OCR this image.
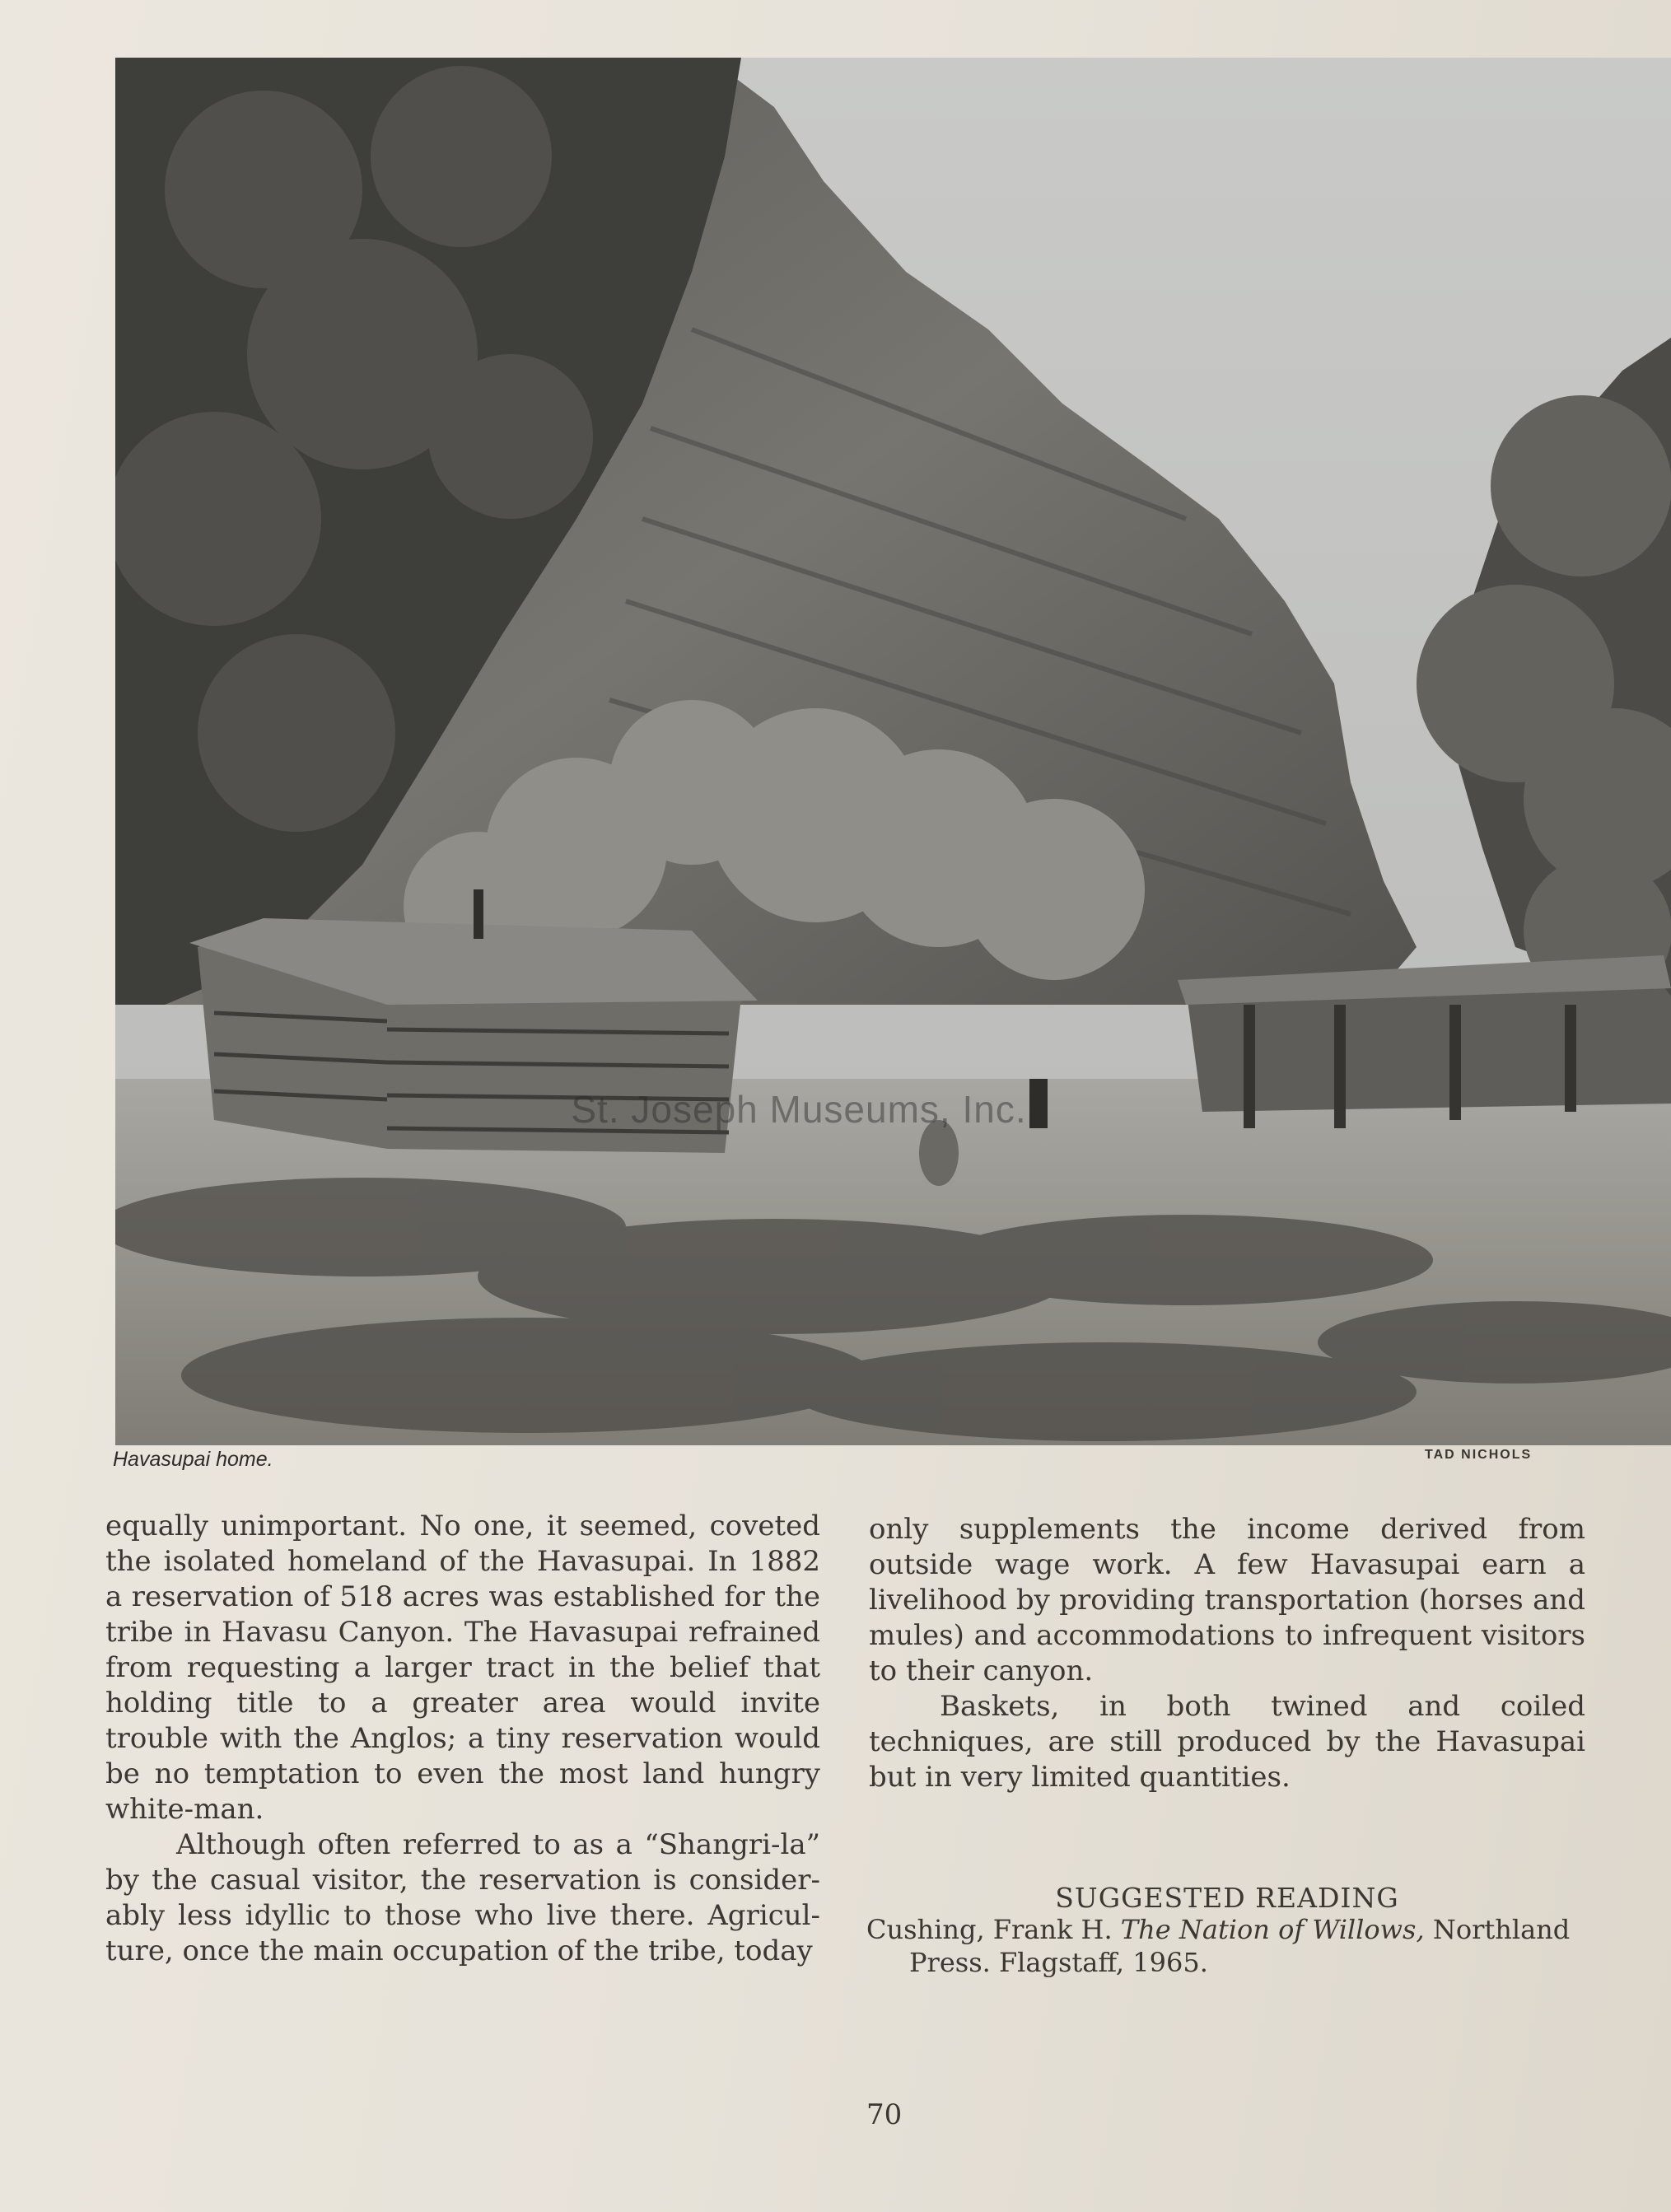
St. Joseph Museums, Inc.
Havasupai home.	TAD NICHOLS

equally unimportant. No one, it seemed, coveted the isolated homeland of the Havasupai. In 1882 a reservation of 518 acres was established for the tribe in Havasu Canyon. The Havasupai refrained from requesting a larger tract in the belief that holding title to a greater area would invite trouble with the Anglos; a tiny reservation would be no temptation to even the most land hungry white-man.

Although often referred to as a “Shangri-la” by the casual visitor, the reservation is consider-ably less idyllic to those who live there. Agricul-ture, once the main occupation of the tribe, today

only supplements the income derived from outside wage work. A few Havasupai earn a livelihood by providing transportation (horses and mules) and accommodations to infrequent visitors to their canyon.

Baskets, in both twined and coiled techniques, are still produced by the Havasupai but in very limited quantities.

SUGGESTED READING
Cushing, Frank H. The Nation of Willows, Northland
Press. Flagstaff, 1965.
70
